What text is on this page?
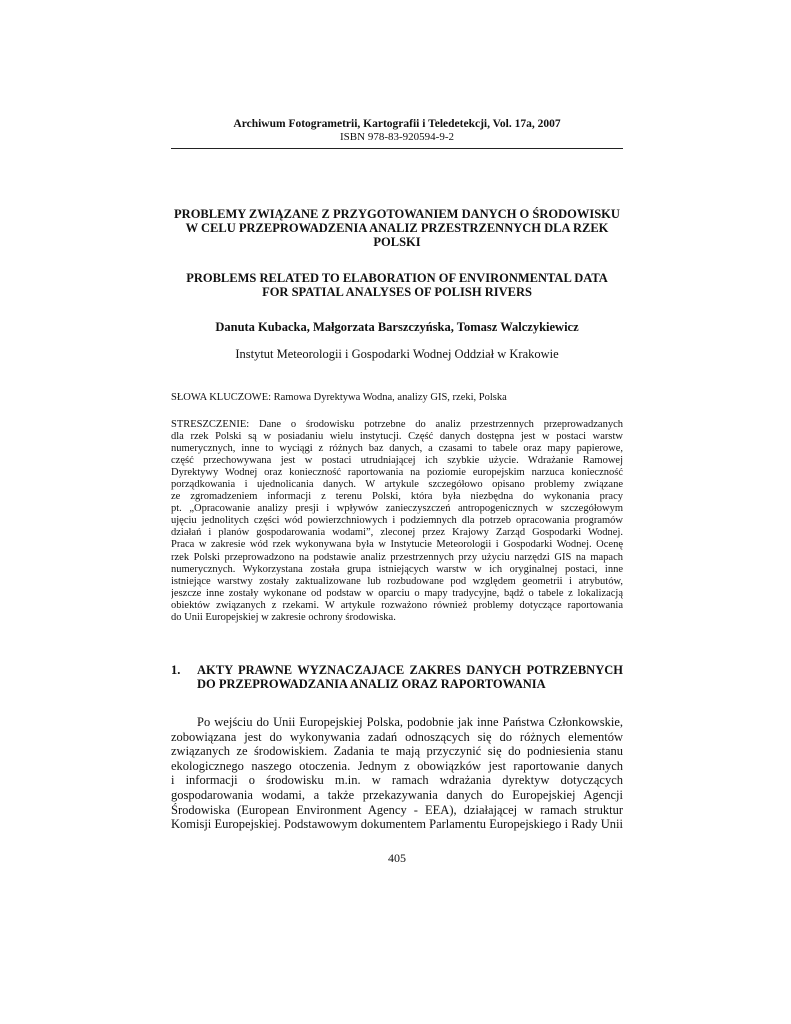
Archiwum Fotogrametrii, Kartografii i Teledetekcji, Vol. 17a, 2007
ISBN 978-83-920594-9-2
PROBLEMY ZWIĄZANE Z PRZYGOTOWANIEM DANYCH O ŚRODOWISKU
W CELU PRZEPROWADZENIA ANALIZ PRZESTRZENNYCH DLA RZEK
POLSKI
PROBLEMS RELATED TO ELABORATION OF ENVIRONMENTAL DATA
FOR SPATIAL ANALYSES OF POLISH RIVERS
Danuta Kubacka, Małgorzata Barszczyńska, Tomasz Walczykiewicz
Instytut Meteorologii i Gospodarki Wodnej Oddział w Krakowie
SŁOWA KLUCZOWE: Ramowa Dyrektywa Wodna, analizy GIS, rzeki, Polska
STRESZCZENIE: Dane o środowisku potrzebne do analiz przestrzennych przeprowadzanych
dla rzek Polski są w posiadaniu wielu instytucji. Część danych dostępna jest w postaci warstw
numerycznych, inne to wyciągi z różnych baz danych, a czasami to tabele oraz mapy papierowe,
część przechowywana jest w postaci utrudniającej ich szybkie użycie. Wdrażanie Ramowej
Dyrektywy Wodnej oraz konieczność raportowania na poziomie europejskim narzuca konieczność
porządkowania i ujednolicania danych. W artykule szczegółowo opisano problemy związane
ze zgromadzeniem informacji z terenu Polski, która była niezbędna do wykonania pracy
pt. „Opracowanie analizy presji i wpływów zanieczyszczeń antropogenicznych w szczegółowym
ujęciu jednolitych części wód powierzchniowych i podziemnych dla potrzeb opracowania programów
działań i planów gospodarowania wodami”, zleconej przez Krajowy Zarząd Gospodarki Wodnej.
Praca w zakresie wód rzek wykonywana była w Instytucie Meteorologii i Gospodarki Wodnej. Ocenę
rzek Polski przeprowadzono na podstawie analiz przestrzennych przy użyciu narzędzi GIS na mapach
numerycznych. Wykorzystana została grupa istniejących warstw w ich oryginalnej postaci, inne
istniejące warstwy zostały zaktualizowane lub rozbudowane pod względem geometrii i atrybutów,
jeszcze inne zostały wykonane od podstaw w oparciu o mapy tradycyjne, bądź o tabele z lokalizacją
obiektów związanych z rzekami. W artykule rozważono również problemy dotyczące raportowania
do Unii Europejskiej w zakresie ochrony środowiska.
1. AKTY PRAWNE WYZNACZAJACE ZAKRES DANYCH POTRZEBNYCH
DO PRZEPROWADZANIA ANALIZ ORAZ RAPORTOWANIA
Po wejściu do Unii Europejskiej Polska, podobnie jak inne Państwa Członkowskie,
zobowiązana jest do wykonywania zadań odnoszących się do różnych elementów
związanych ze środowiskiem. Zadania te mają przyczynić się do podniesienia stanu
ekologicznego naszego otoczenia. Jednym z obowiązków jest raportowanie danych
i informacji o środowisku m.in. w ramach wdrażania dyrektyw dotyczących
gospodarowania wodami, a także przekazywania danych do Europejskiej Agencji
Środowiska (European Environment Agency - EEA), działającej w ramach struktur
Komisji Europejskiej. Podstawowym dokumentem Parlamentu Europejskiego i Rady Unii
405
